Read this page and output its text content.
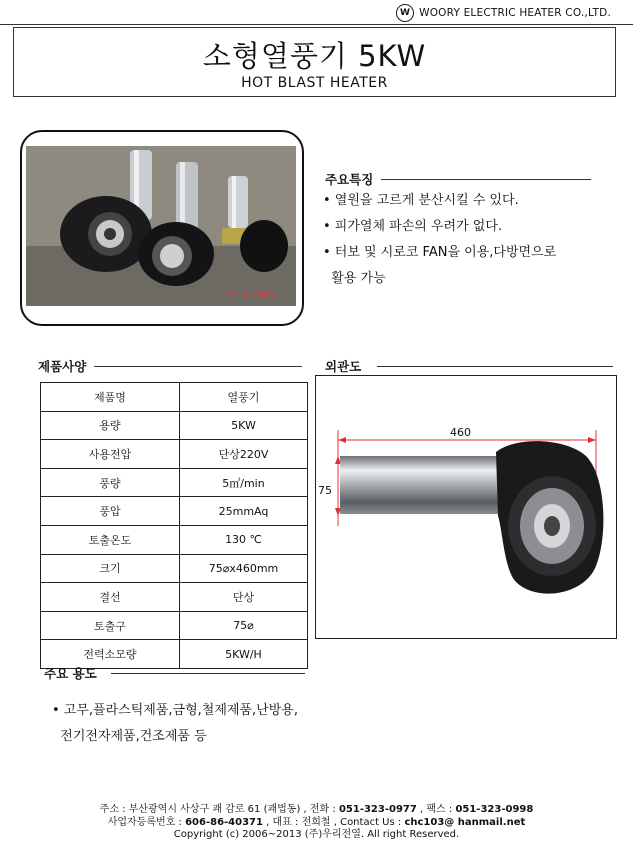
W WOORY ELECTRIC HEATER CO.,LTD.
소형열풍기 5KW
HOT BLAST HEATER
22 8-2007
주요특징
• 열원을 고르게 분산시킬 수 있다.
• 피가열체 파손의 우려가 없다.
• 터보 및 시로코 FAN을 이용,다방면으로
활용 가능
제품사양	외관도
제품명	열풍기
용량	5KW
사용전압	단상220V
풍량	5㎥/min
풍압	25mmAq
토출온도	130 ℃
크기	75⌀x460mm
결선	단상
토출구	75⌀
전력소모량	5KW/H
460
75
주요 용도
• 고무,플라스틱제품,금형,철제제품,난방용,
전기전자제품,건조제품 등
주소 : 부산광역시 사상구 괘 감로 61 (괘법동) , 전화 : 051-323-0977 , 팩스 : 051-323-0998
사업자등록번호 : 606-86-40371 , 대표 : 전희철 , Contact Us : chc103@ hanmail.net
Copyright (c) 2006~2013 (주)우리전열. All right Reserved.
